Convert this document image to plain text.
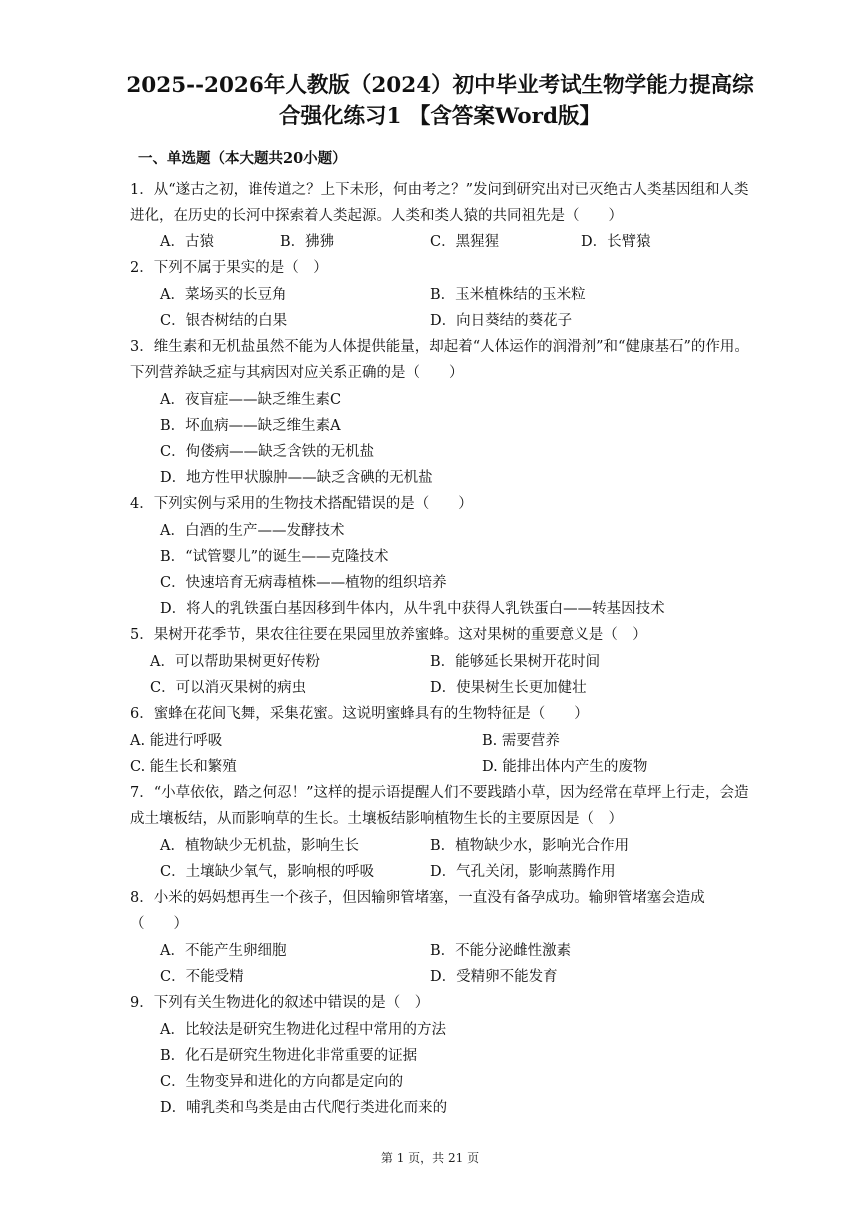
2025--2026年人教版（2024）初中毕业考试生物学能力提高综
合强化练习1 【含答案Word版】
一、单选题（本大题共20小题）
1．从“遂古之初，谁传道之？上下未形，何由考之？”发问到研究出对已灭绝古人类基因组和人类
进化，在历史的长河中探索着人类起源。人类和类人猿的共同祖先是（　　）
A．古猿	B．狒狒	C．黑猩猩	D．长臂猿
2．下列不属于果实的是（　）
A．菜场买的长豆角	B．玉米植株结的玉米粒
C．银杏树结的白果	D．向日葵结的葵花子
3．维生素和无机盐虽然不能为人体提供能量，却起着“人体运作的润滑剂”和“健康基石”的作用。
下列营养缺乏症与其病因对应关系正确的是（　　）
A．夜盲症——缺乏维生素C
B．坏血病——缺乏维生素A
C．佝偻病——缺乏含铁的无机盐
D．地方性甲状腺肿——缺乏含碘的无机盐
4．下列实例与采用的生物技术搭配错误的是（　　）
A．白酒的生产——发酵技术
B．“试管婴儿”的诞生——克隆技术
C．快速培育无病毒植株——植物的组织培养
D．将人的乳铁蛋白基因移到牛体内，从牛乳中获得人乳铁蛋白——转基因技术
5．果树开花季节，果农往往要在果园里放养蜜蜂。这对果树的重要意义是（　）
A．可以帮助果树更好传粉	B．能够延长果树开花时间
C．可以消灭果树的病虫	D．使果树生长更加健壮
6．蜜蜂在花间飞舞，采集花蜜。这说明蜜蜂具有的生物特征是（　　）
A. 能进行呼吸	B. 需要营养
C. 能生长和繁殖	D. 能排出体内产生的废物
7．“小草依依，踏之何忍！”这样的提示语提醒人们不要践踏小草，因为经常在草坪上行走，会造
成土壤板结，从而影响草的生长。土壤板结影响植物生长的主要原因是（　）
A．植物缺少无机盐，影响生长	B．植物缺少水，影响光合作用
C．土壤缺少氧气，影响根的呼吸	D．气孔关闭，影响蒸腾作用
8．小米的妈妈想再生一个孩子，但因输卵管堵塞，一直没有备孕成功。输卵管堵塞会造成
（　　）
A．不能产生卵细胞	B．不能分泌雌性激素
C．不能受精	D．受精卵不能发育
9．下列有关生物进化的叙述中错误的是（　）
A．比较法是研究生物进化过程中常用的方法
B．化石是研究生物进化非常重要的证据
C．生物变异和进化的方向都是定向的
D．哺乳类和鸟类是由古代爬行类进化而来的
第 1 页，共 21 页
